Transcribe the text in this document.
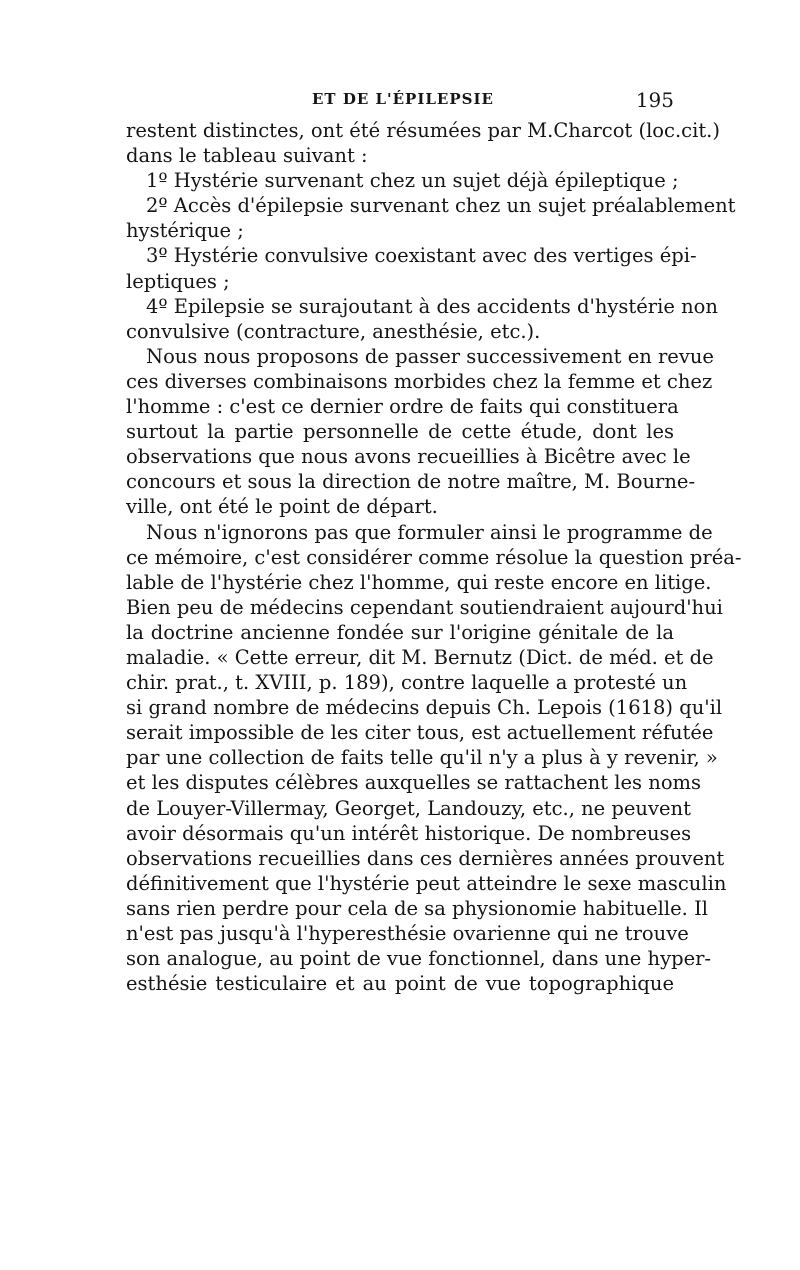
ET DE L'ÉPILEPSIE	195
restent distinctes, ont été résumées par M.Charcot (loc.cit.)
dans le tableau suivant :
1º Hystérie survenant chez un sujet déjà épileptique ;
2º Accès d'épilepsie survenant chez un sujet préalablement
hystérique ;
3º Hystérie convulsive coexistant avec des vertiges épi-
leptiques ;
4º Epilepsie se surajoutant à des accidents d'hystérie non
convulsive (contracture, anesthésie, etc.).
Nous nous proposons de passer successivement en revue
ces diverses combinaisons morbides chez la femme et chez
l'homme : c'est ce dernier ordre de faits qui constituera
surtout la partie personnelle de cette étude, dont les
observations que nous avons recueillies à Bicêtre avec le
concours et sous la direction de notre maître, M. Bourne-
ville, ont été le point de départ.
Nous n'ignorons pas que formuler ainsi le programme de
ce mémoire, c'est considérer comme résolue la question préa-
lable de l'hystérie chez l'homme, qui reste encore en litige.
Bien peu de médecins cependant soutiendraient aujourd'hui
la doctrine ancienne fondée sur l'origine génitale de la
maladie. « Cette erreur, dit M. Bernutz (Dict. de méd. et de
chir. prat., t. XVIII, p. 189), contre laquelle a protesté un
si grand nombre de médecins depuis Ch. Lepois (1618) qu'il
serait impossible de les citer tous, est actuellement réfutée
par une collection de faits telle qu'il n'y a plus à y revenir, »
et les disputes célèbres auxquelles se rattachent les noms
de Louyer-Villermay, Georget, Landouzy, etc., ne peuvent
avoir désormais qu'un intérêt historique. De nombreuses
observations recueillies dans ces dernières années prouvent
définitivement que l'hystérie peut atteindre le sexe masculin
sans rien perdre pour cela de sa physionomie habituelle. Il
n'est pas jusqu'à l'hyperesthésie ovarienne qui ne trouve
son analogue, au point de vue fonctionnel, dans une hyper-
esthésie testiculaire et au point de vue topographique
